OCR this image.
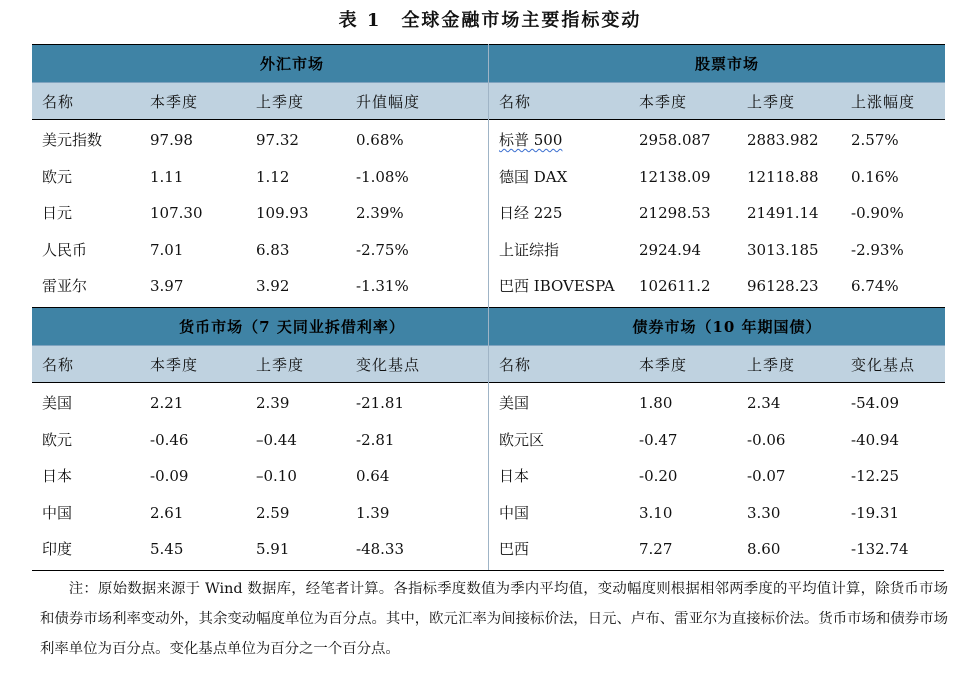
表 1　全球金融市场主要指标变动
外汇市场
名称	本季度	上季度	升值幅度
美元指数	97.98	97.32	0.68%
欧元	1.11	1.12	-1.08%
日元	107.30	109.93	2.39%
人民币	7.01	6.83	-2.75%
雷亚尔	3.97	3.92	-1.31%
货币市场（7 天同业拆借利率）
名称	本季度	上季度	变化基点
美国	2.21	2.39	-21.81
欧元	-0.46	–0.44	-2.81
日本	-0.09	–0.10	0.64
中国	2.61	2.59	1.39
印度	5.45	5.91	-48.33
股票市场
名称	本季度	上季度	上涨幅度
标普 500	2958.087	2883.982	2.57%
德国 DAX	12138.09	12118.88	0.16%
日经 225	21298.53	21491.14	-0.90%
上证综指	2924.94	3013.185	-2.93%
巴西 IBOVESPA	102611.2	96128.23	6.74%
债券市场（10 年期国债）
名称	本季度	上季度	变化基点
美国	1.80	2.34	-54.09
欧元区	-0.47	-0.06	-40.94
日本	-0.20	-0.07	-12.25
中国	3.10	3.30	-19.31
巴西	7.27	8.60	-132.74
注：原始数据来源于 Wind 数据库，经笔者计算。各指标季度数值为季内平均值，变动幅度则根据相邻两季度的平均值计算，除货币市场和债券市场利率变动外，其余变动幅度单位为百分点。其中，欧元汇率为间接标价法，日元、卢布、雷亚尔为直接标价法。货币市场和债券市场利率单位为百分点。变化基点单位为百分之一个百分点。
